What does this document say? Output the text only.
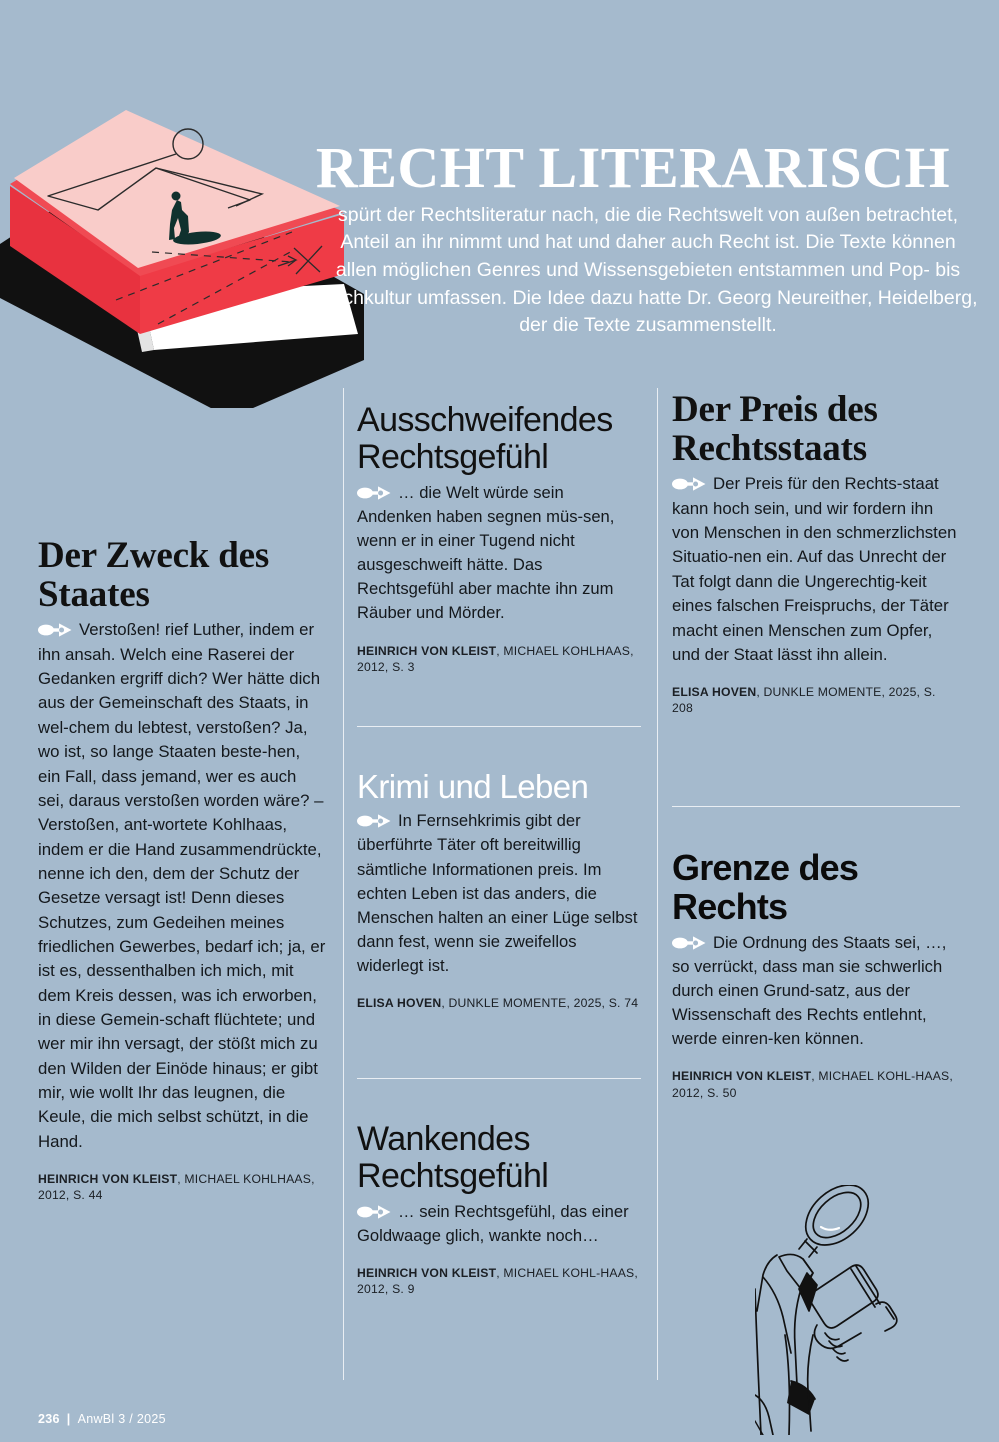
RECHT LITERARISCH

spürt der Rechtsliteratur nach, die die Rechtswelt von außen betrachtet, Anteil an ihr nimmt und hat und daher auch Recht ist. Die Texte können allen möglichen Genres und Wissensgebieten entstammen und Pop- bis Hochkultur umfassen. Die Idee dazu hatte Dr. Georg Neureither, Heidelberg, der die Texte zusammenstellt.

Der Zweck des Staates

Verstoßen! rief Luther, indem er ihn ansah. Welch eine Raserei der Gedanken ergriff dich? Wer hätte dich aus der Gemeinschaft des Staats, in wel-chem du lebtest, verstoßen? Ja, wo ist, so lange Staaten beste-hen, ein Fall, dass jemand, wer es auch sei, daraus verstoßen worden wäre? – Verstoßen, ant-wortete Kohlhaas, indem er die Hand zusammendrückte, nenne ich den, dem der Schutz der Gesetze versagt ist! Denn dieses Schutzes, zum Gedeihen meines friedlichen Gewerbes, bedarf ich; ja, er ist es, dessenthalben ich mich, mit dem Kreis dessen, was ich erworben, in diese Gemein-schaft flüchtete; und wer mir ihn versagt, der stößt mich zu den Wilden der Einöde hinaus; er gibt mir, wie wollt Ihr das leugnen, die Keule, die mich selbst schützt, in die Hand.

HEINRICH VON KLEIST, MICHAEL KOHLHAAS, 2012, S. 44

Ausschweifendes Rechtsgefühl

… die Welt würde sein Andenken haben segnen müs-sen, wenn er in einer Tugend nicht ausgeschweift hätte. Das Rechtsgefühl aber machte ihn zum Räuber und Mörder.

HEINRICH VON KLEIST, MICHAEL KOHLHAAS, 2012, S. 3

Krimi und Leben

In Fernsehkrimis gibt der überführte Täter oft bereitwillig sämtliche Informationen preis. Im echten Leben ist das anders, die Menschen halten an einer Lüge selbst dann fest, wenn sie zweifellos widerlegt ist.

ELISA HOVEN, DUNKLE MOMENTE, 2025, S. 74

Wankendes Rechtsgefühl

… sein Rechtsgefühl, das einer Goldwaage glich, wankte noch…

HEINRICH VON KLEIST, MICHAEL KOHL-HAAS, 2012, S. 9

Der Preis des Rechtsstaats

Der Preis für den Rechts-staat kann hoch sein, und wir fordern ihn von Menschen in den schmerzlichsten Situatio-nen ein. Auf das Unrecht der Tat folgt dann die Ungerechtig-keit eines falschen Freispruchs, der Täter macht einen Menschen zum Opfer, und der Staat lässt ihn allein.

ELISA HOVEN, DUNKLE MOMENTE, 2025, S. 208

Grenze des Rechts

Die Ordnung des Staats sei, …, so verrückt, dass man sie schwerlich durch einen Grund-satz, aus der Wissenschaft des Rechts entlehnt, werde einren-ken können.

HEINRICH VON KLEIST, MICHAEL KOHL-HAAS, 2012, S. 50

236 | AnwBl 3 / 2025
